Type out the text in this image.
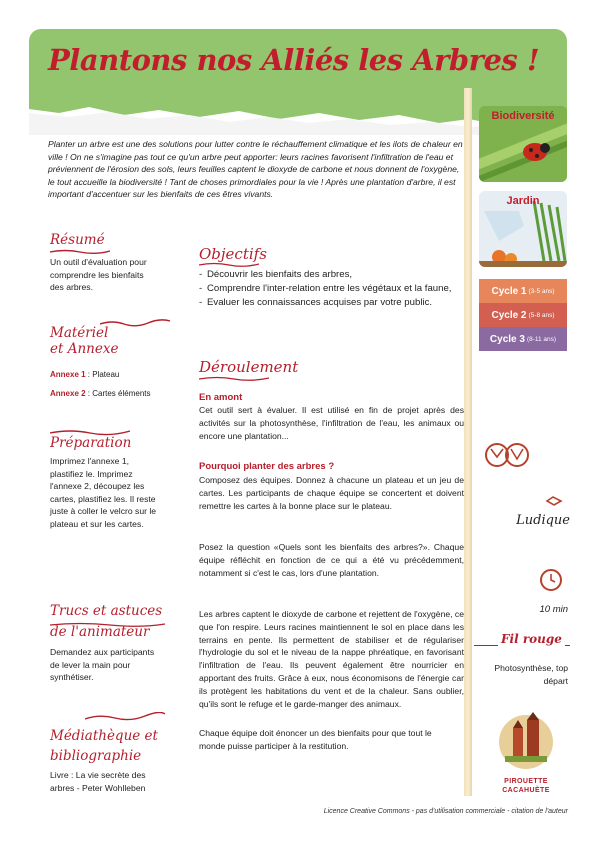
Plantons nos Alliés les Arbres !
Planter un arbre est une des solutions pour lutter contre le réchauffement climatique et les ilots de chaleur en ville ! On ne s'imagine pas tout ce qu'un arbre peut apporter: leurs racines favorisent l'infiltration de l'eau et préviennent de l'érosion des sols, leurs feuilles captent le dioxyde de carbone et nous donnent de l'oxygène, le tout accueille la biodiversité ! Tant de choses primordiales pour la vie ! Après une plantation d'arbre, il est important d'accentuer sur les bienfaits de ces êtres vivants.
Résumé
Un outil d'évaluation pour comprendre les bienfaits des arbres.
Matériel
et Annexe
Annexe 1 : Plateau
Annexe 2 : Cartes éléments
Préparation
Imprimez l'annexe 1, plastifiez le. Imprimez l'annexe 2, découpez les cartes, plastifiez les. Il reste juste à coller le velcro sur le plateau et sur les cartes.
Trucs et astuces
de l'animateur
Demandez aux participants de lever la main pour synthétiser.
Médiathèque et
bibliographie
Livre : La vie secrète des arbres - Peter Wohlleben
Objectifs
- Découvrir les bienfaits des arbres,
- Comprendre l'inter-relation entre les végétaux et la faune,
- Evaluer les connaissances acquises par votre public.
Déroulement
En amont
Cet outil sert à évaluer. Il est utilisé en fin de projet après des activités sur la photosynthèse, l'infiltration de l'eau, les animaux ou encore une plantation...
Pourquoi planter des arbres ?
Composez des équipes. Donnez à chacune un plateau et un jeu de cartes. Les participants de chaque équipe se concertent et doivent remettre les cartes à la bonne place sur le plateau.
Posez la question «Quels sont les bienfaits des arbres?». Chaque équipe réfléchit en fonction de ce qui a été vu précédemment, notamment si c'est le cas, lors d'une plantation.
Les arbres captent le dioxyde de carbone et rejettent de l'oxygène, ce que l'on respire. Leurs racines maintiennent le sol en place dans les terrains en pente. Ils permettent de stabiliser et de régulariser l'hydrologie du sol et le niveau de la nappe phréatique, en favorisant l'infiltration de l'eau. Ils peuvent également être nourricier en apportant des fruits. Grâce à eux, nous économisons de l'énergie car ils protègent les habitations du vent et de la chaleur. Sans oublier, qu'ils sont le refuge et le garde-manger des animaux.
Chaque équipe doit énoncer un des bienfaits pour que tout le monde puisse participer à la restitution.
Biodiversité
Jardin
Cycle 1 (3-5 ans)
Cycle 2 (5-8 ans)
Cycle 3 (8-11 ans)
Ludique
10 min
Fil rouge
Photosynthèse, top départ
PIROUETTE
CACAHUÈTE
Licence Creative Commons - pas d'utilisation commerciale - citation de l'auteur
